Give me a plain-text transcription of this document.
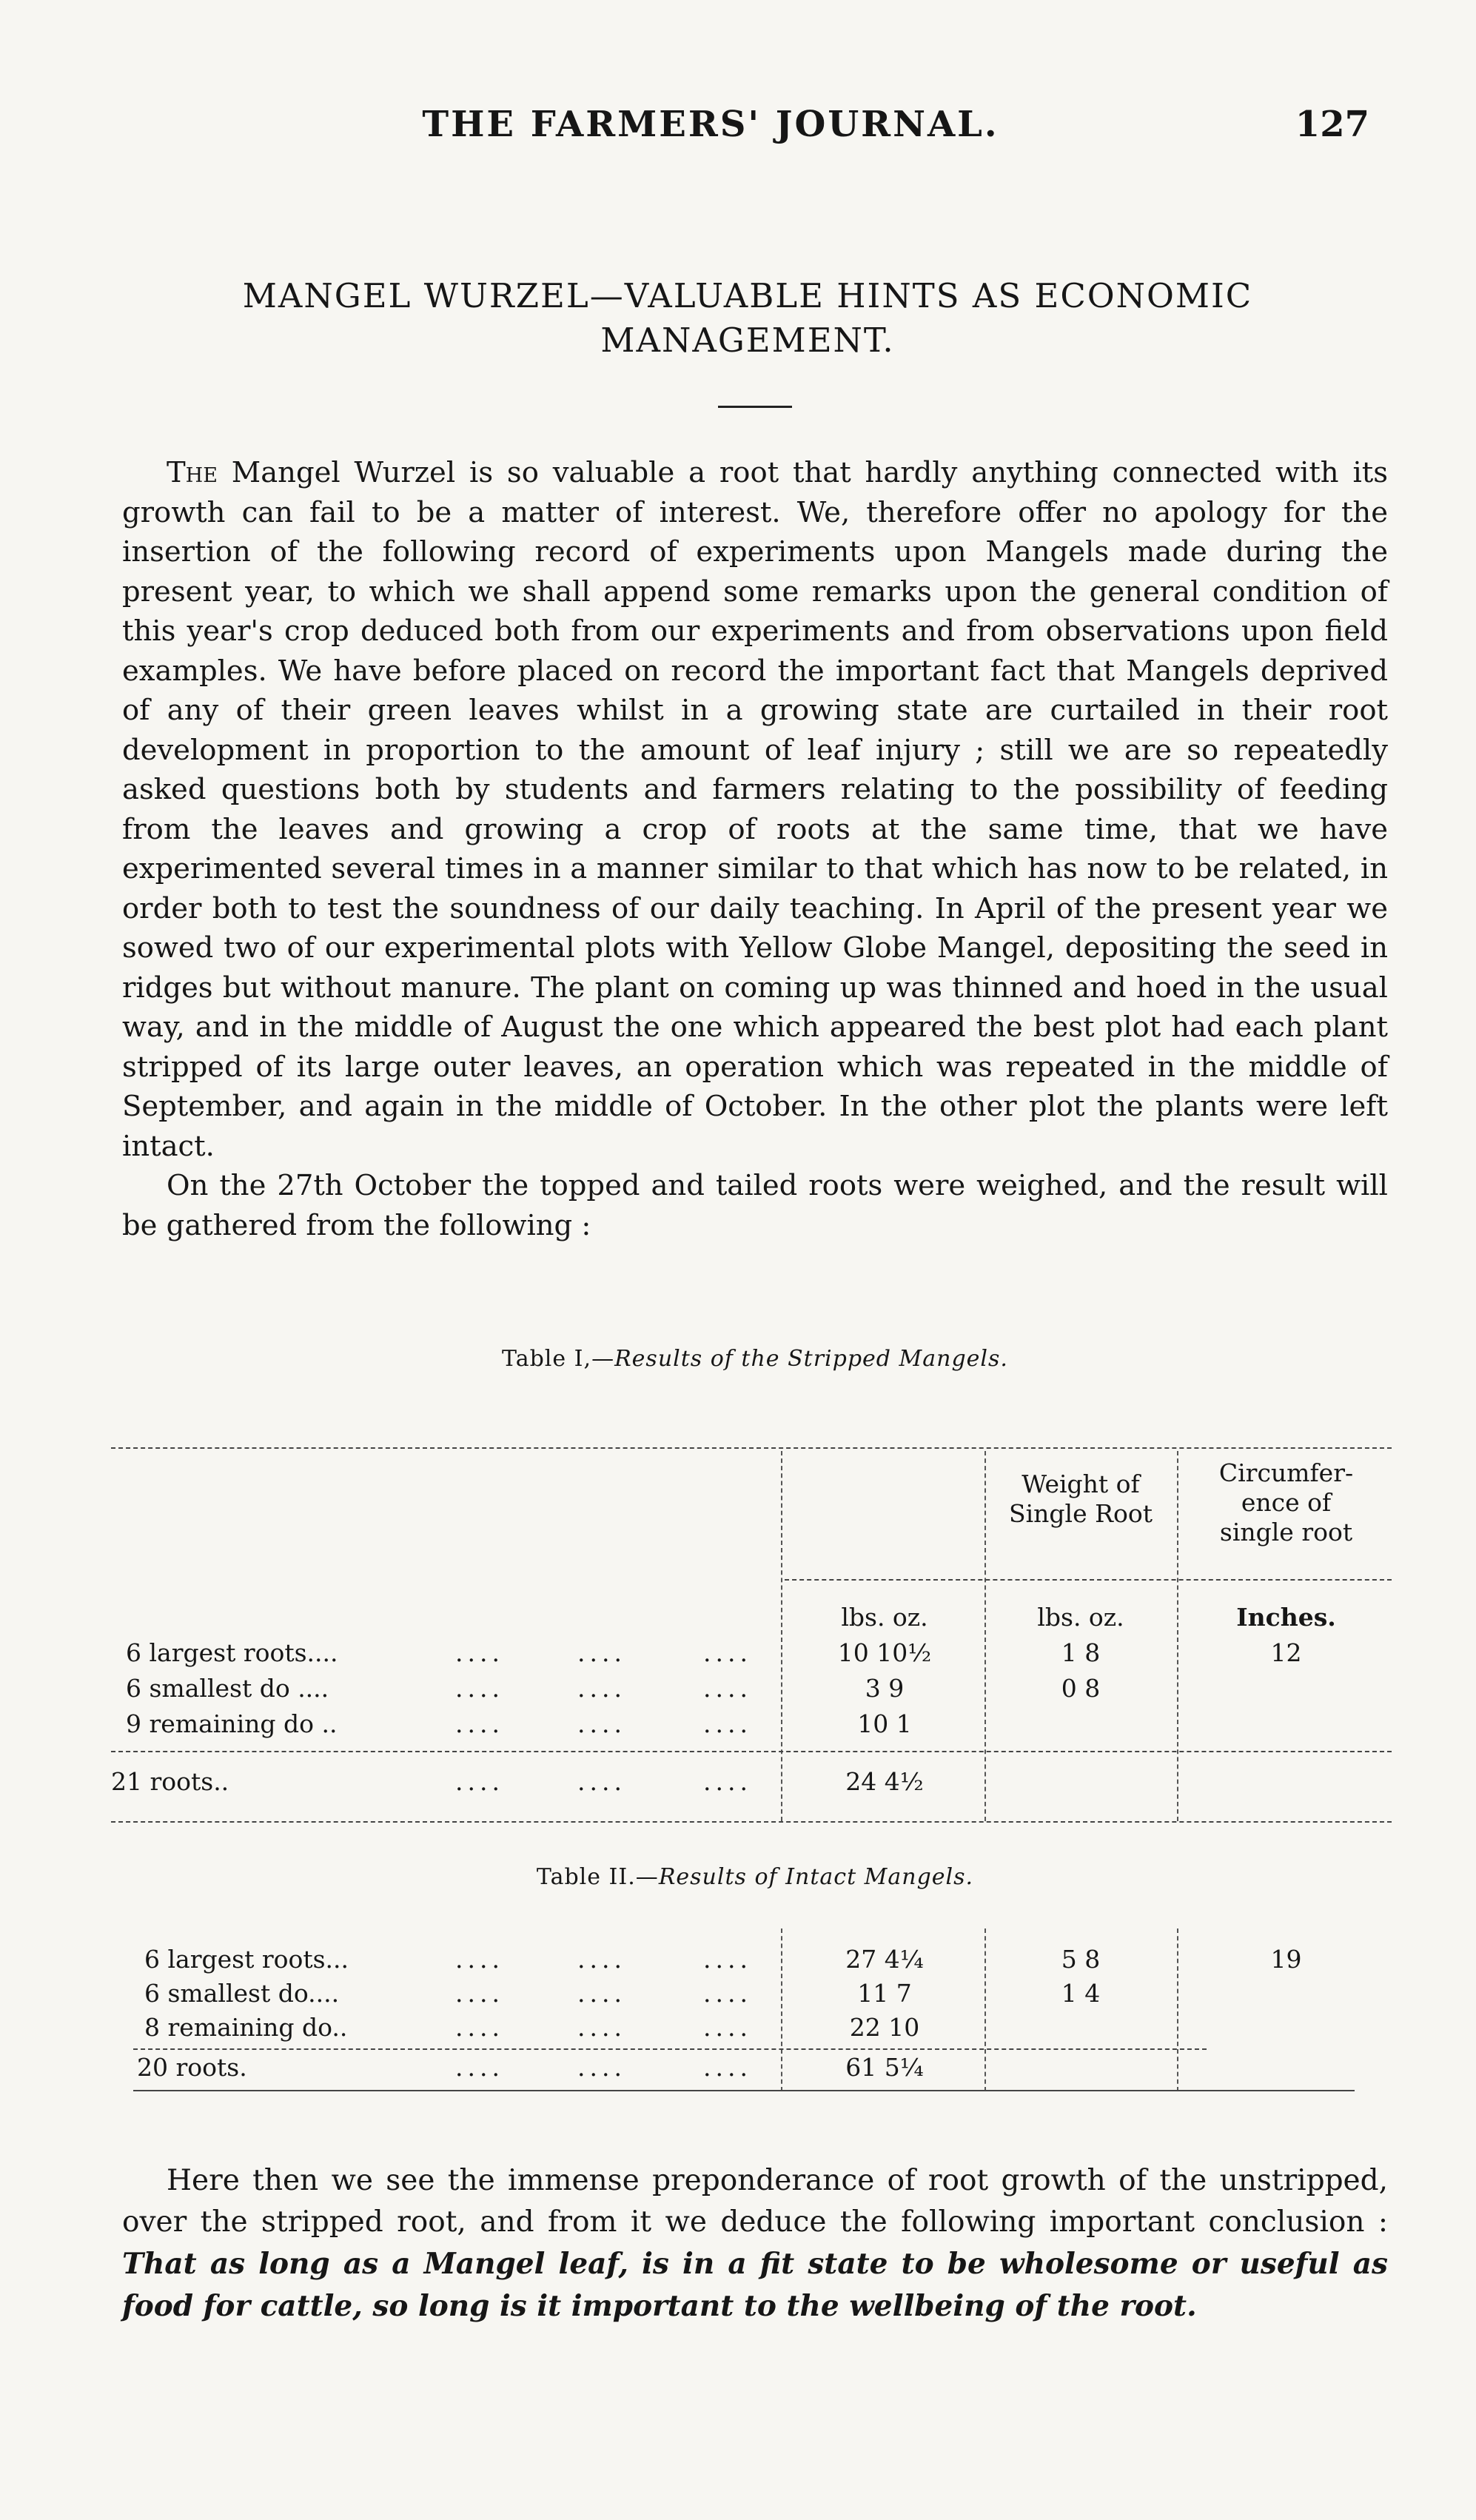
THE FARMERS' JOURNAL.	127
MANGEL WURZEL—VALUABLE HINTS AS ECONOMIC
MANAGEMENT.

The Mangel Wurzel is so valuable a root that hardly anything connected with its growth can fail to be a matter of interest. We, therefore offer no apology for the insertion of the following record of experiments upon Mangels made during the present year, to which we shall append some remarks upon the general condition of this year's crop deduced both from our experiments and from observations upon field examples. We have before placed on record the important fact that Mangels deprived of any of their green leaves whilst in a growing state are curtailed in their root development in proportion to the amount of leaf injury ; still we are so repeatedly asked questions both by students and farmers relating to the possibility of feeding from the leaves and growing a crop of roots at the same time, that we have experimented several times in a manner similar to that which has now to be related, in order both to test the soundness of our daily teaching. In April of the present year we sowed two of our experimental plots with Yellow Globe Mangel, depositing the seed in ridges but without manure. The plant on coming up was thinned and hoed in the usual way, and in the middle of August the one which appeared the best plot had each plant stripped of its large outer leaves, an operation which was repeated in the middle of September, and again in the middle of October. In the other plot the plants were left intact.

On the 27th October the topped and tailed roots were weighed, and the result will be gathered from the following :

Table I,—Results of the Stripped Mangels.
Weight of
Single Root
Circumfer-
ence of
single root
lbs. oz.	lbs. oz.	Inches.
6 largest roots....	....	....	....	10 10½	1 8	12
6 smallest do ....	....	....	....	3 9	0 8
9 remaining do ..	....	....	....	10 1
21 roots..	....	....	....	24 4½
Table II.—Results of Intact Mangels.
6 largest roots...	....	....	....	27 4¼	5 8	19
6 smallest do....	....	....	....	11 7	1 4
8 remaining do..	....	....	....	22 10
20 roots.	....	....	....	61 5¼

Here then we see the immense preponderance of root growth of the unstripped, over the stripped root, and from it we deduce the following important conclusion : That as long as a Mangel leaf, is in a fit state to be wholesome or useful as food for cattle, so long is it important to the wellbeing of the root.
